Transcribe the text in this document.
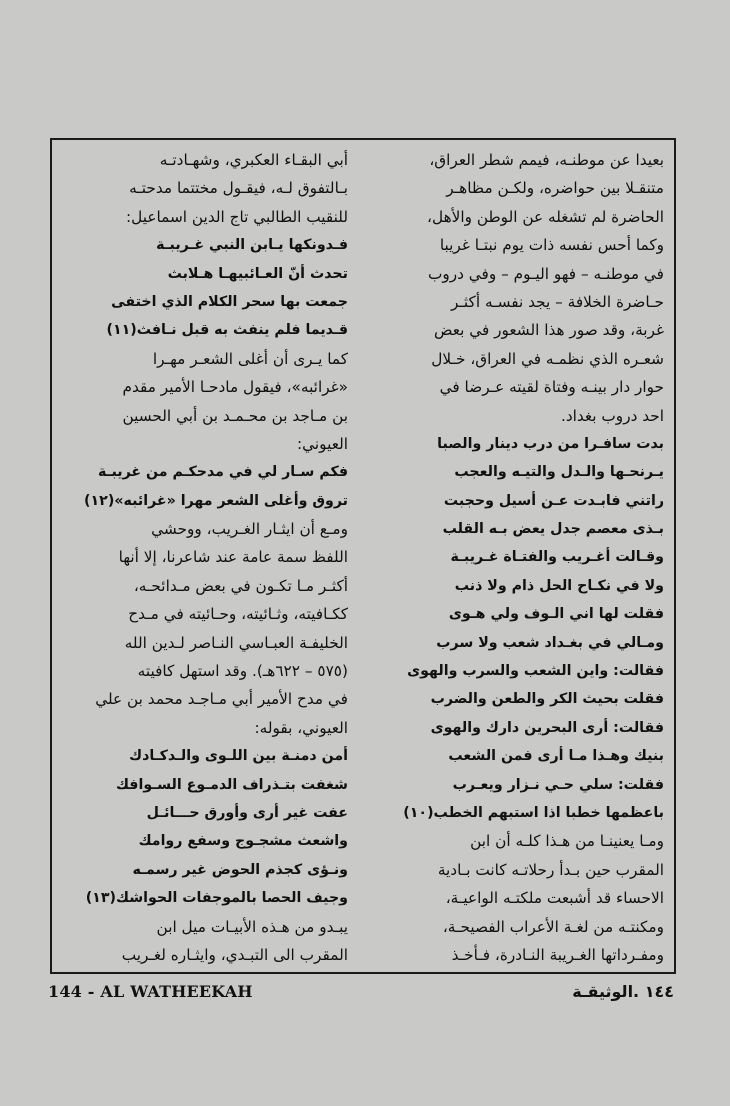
بعيدا عن موطنـه، فيمم شطر العراق،
متنقـلا بين حواضره، ولكـن مظاهـر
الحاضرة لم تشغله عن الوطن والأهل،
وكما أحس نفسه ذات يوم نبتـا غريبا
في موطنـه – فهو اليـوم – وفي دروب
حـاضرة الخلافة – يجد نفسـه أكثـر
غربة، وقد صور هذا الشعور في بعض
شعـره الذي نظمـه في العراق، خـلال
حوار دار بينـه وفتاة لقيته عـرضا في
احد دروب بغداد.
بدت سافـرا من درب دينار والصبا
يـرنحـها والـدل والتيـه والعجب
راتني فابـدت عـن أسيل وحجبت
بـذى معصم جدل يعض بـه القلب
وقـالت أغـريب والفتـاة غـريبـة
ولا في نكـاح الحل ذام ولا ذنب
فقلت لها اني الـوف ولي هـوى
ومـالي في بغـداد شعب ولا سرب
فقالت: واين الشعب والسرب والهوى
فقلت بحيث الكر والطعن والضرب
فقالت: أرى البحرين دارك والهوى
بنيك وهـذا مـا أرى فمن الشعب
فقلت: سلي حـي نـزار ويعـرب
باعظمها خطبا اذا استبهم الخطب(١٠)
ومـا يعنينـا من هـذا كلـه أن ابن
المقرب حين بـدأ رحلاتـه كانت بـادية
الاحساء قد أشبعت ملكتـه الواعيـة،
ومكنتـه من لغـة الأعراب الفصيحـة،
ومفـرداتها الغـريبة النـادرة، فـأخـذ
أبي البقـاء العكبري، وشهـادتـه
بـالتفوق لـه، فيقـول مختتما مدحتـه
للنقيب الطالبي تاج الدين اسماعيل:
فـدونكها يـابن النبي غـريبـة
تحدث أنّ العـائبيهـا هـلابث
جمعت بها سحر الكلام الذي اختفى
قـديما فلم ينفث به قبل نـافث(١١)
كما يـرى أن أغلى الشعـر مهـرا
«غرائبه»، فيقول مادحـا الأمير مقدم
بن مـاجد بن محـمـد بن أبي الحسين
العيوني:
فكم سـار لي في مدحكـم من غريبـة
تروق وأغلى الشعر مهرا «غرائبه»(١٢)
ومـع أن ايثـار الغـريب، ووحشي
اللفظ سمة عامة عند شاعرنا، إلا أنها
أكثـر مـا تكـون في بعض مـدائحـه،
ككـافيته، وثـائيته، وحـائيته في مـدح
الخليفـة العبـاسي النـاصر لـدين الله
(٥٧٥ – ٦٢٢هـ). وقد استهل كافيته
في مدح الأمير أبي مـاجـد محمد بن علي
العيوني، بقوله:
أمن دمنـة بين اللـوى والـدكـادك
شغفت بتـذراف الدمـوع السـوافك
عفت غير أرى وأورق حـــائـل
واشعث مشجـوج وسفع روامك
ونـؤى كجذم الحوض غير رسمـه
وجيف الحصا بالموجفات الحواشك(١٣)
يبـدو من هـذه الأبيـات ميل ابن
المقرب الى التبـدي، وايثـاره لغـريب
144 - AL WATHEEKAH	١٤٤ .الوثيقـة
